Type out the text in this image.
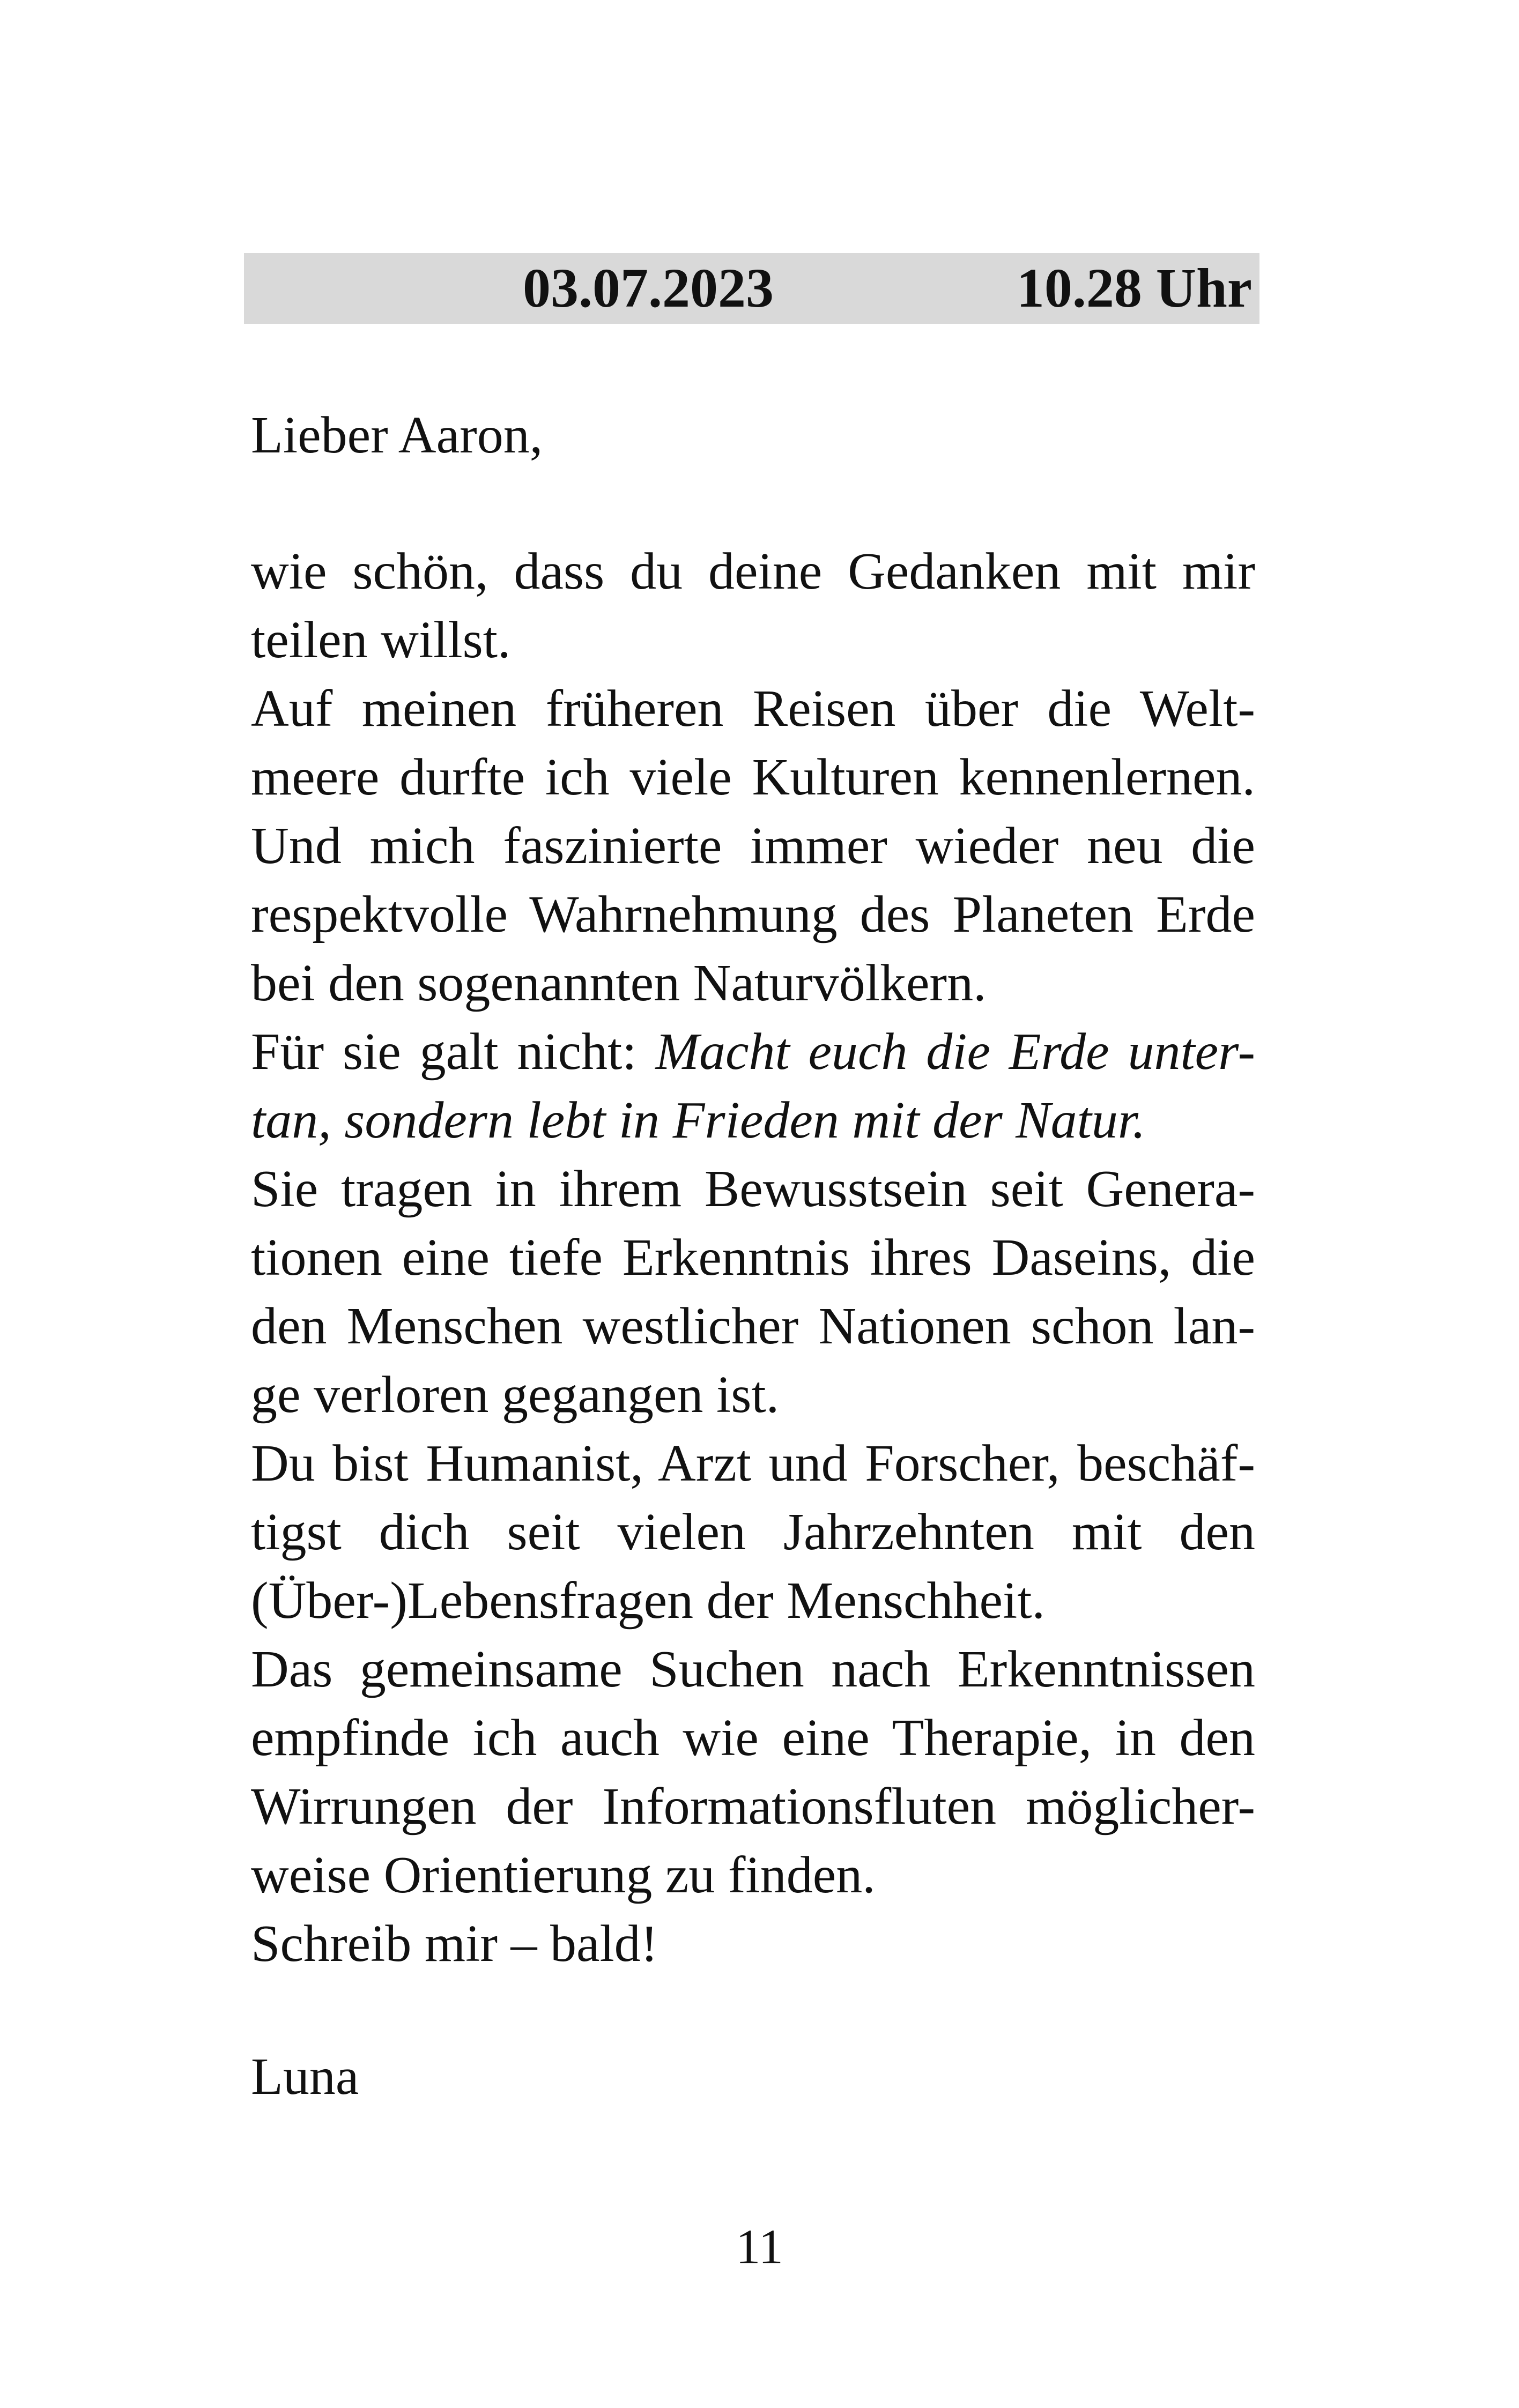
03.07.2023	10.28 Uhr
Lieber Aaron,
wie schön, dass du deine Gedanken mit mir
teilen willst.
Auf meinen früheren Reisen über die Welt-
meere durfte ich viele Kulturen kennenlernen.
Und mich faszinierte immer wieder neu die
respektvolle Wahrnehmung des Planeten Erde
bei den sogenannten Naturvölkern.
Für sie galt nicht: Macht euch die Erde unter-
tan, sondern lebt in Frieden mit der Natur.
Sie tragen in ihrem Bewusstsein seit Genera-
tionen eine tiefe Erkenntnis ihres Daseins, die
den Menschen westlicher Nationen schon lan-
ge verloren gegangen ist.
Du bist Humanist, Arzt und Forscher, beschäf-
tigst dich seit vielen Jahrzehnten mit den
(Über-)Lebensfragen der Menschheit.
Das gemeinsame Suchen nach Erkenntnissen
empfinde ich auch wie eine Therapie, in den
Wirrungen der Informationsfluten möglicher-
weise Orientierung zu finden.
Schreib mir – bald!
Luna
11
